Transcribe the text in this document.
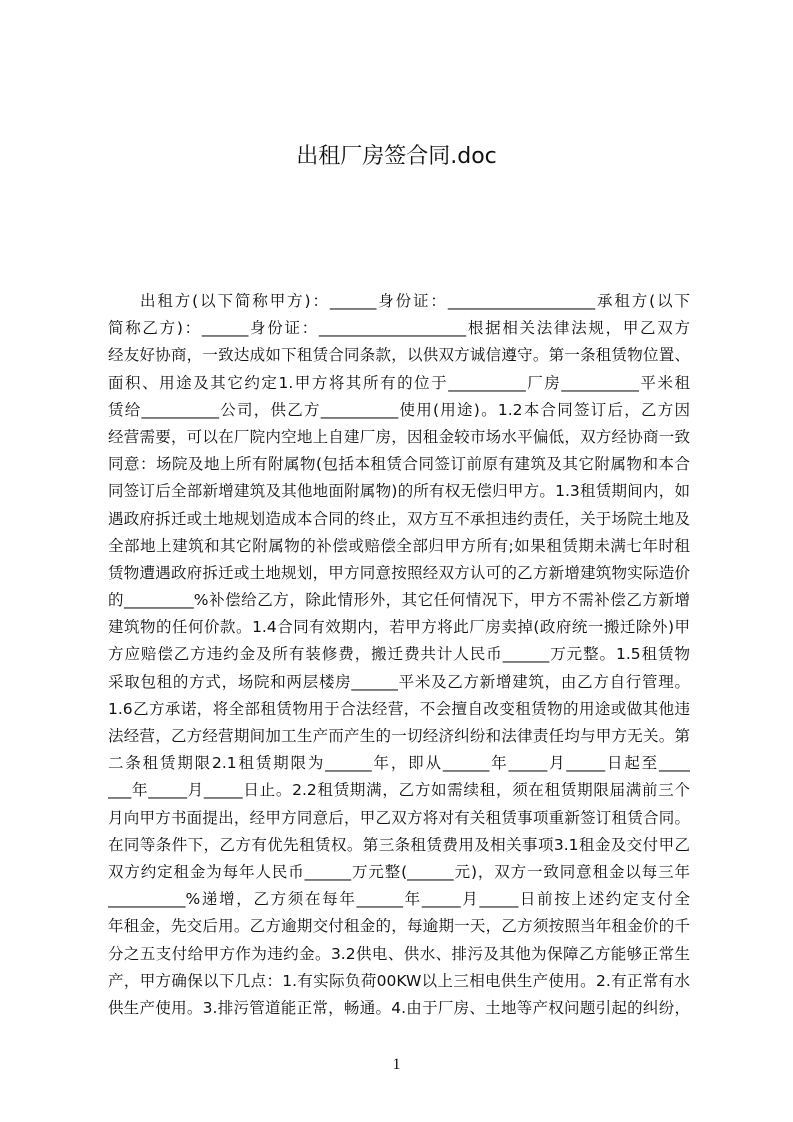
出租厂房签合同.doc
出租方(以下简称甲方)：______身份证：___________________承租方(以下
简称乙方)：______身份证：___________________根据相关法律法规，甲乙双方
经友好协商，一致达成如下租赁合同条款，以供双方诚信遵守。第一条租赁物位置、
面积、用途及其它约定1.甲方将其所有的位于__________厂房__________平米租
赁给__________公司，供乙方__________使用(用途)。1.2本合同签订后，乙方因
经营需要，可以在厂院内空地上自建厂房，因租金较市场水平偏低，双方经协商一致
同意：场院及地上所有附属物(包括本租赁合同签订前原有建筑及其它附属物和本合
同签订后全部新增建筑及其他地面附属物)的所有权无偿归甲方。1.3租赁期间内，如
遇政府拆迁或土地规划造成本合同的终止，双方互不承担违约责任，关于场院土地及
全部地上建筑和其它附属物的补偿或赔偿全部归甲方所有;如果租赁期未满七年时租
赁物遭遇政府拆迁或土地规划，甲方同意按照经双方认可的乙方新增建筑物实际造价
的_________%补偿给乙方，除此情形外，其它任何情况下，甲方不需补偿乙方新增
建筑物的任何价款。1.4合同有效期内，若甲方将此厂房卖掉(政府统一搬迁除外)甲
方应赔偿乙方违约金及所有装修费，搬迁费共计人民币______万元整。1.5租赁物
采取包租的方式，场院和两层楼房______平米及乙方新增建筑，由乙方自行管理。
1.6乙方承诺，将全部租赁物用于合法经营，不会擅自改变租赁物的用途或做其他违
法经营，乙方经营期间加工生产而产生的一切经济纠纷和法律责任均与甲方无关。第
二条租赁期限2.1租赁期限为______年，即从______年_____月_____日起至____
___年_____月_____日止。2.2租赁期满，乙方如需续租，须在租赁期限届满前三个
月向甲方书面提出，经甲方同意后，甲乙双方将对有关租赁事项重新签订租赁合同。
在同等条件下，乙方有优先租赁权。第三条租赁费用及相关事项3.1租金及交付甲乙
双方约定租金为每年人民币______万元整(______元)，双方一致同意租金以每三年
__________%递增，乙方须在每年______年_____月_____日前按上述约定支付全
年租金，先交后用。乙方逾期交付租金的，每逾期一天，乙方须按照当年租金价的千
分之五支付给甲方作为违约金。3.2供电、供水、排污及其他为保障乙方能够正常生
产，甲方确保以下几点：1.有实际负荷00KW以上三相电供生产使用。2.有正常有水
供生产使用。3.排污管道能正常，畅通。4.由于厂房、土地等产权问题引起的纠纷，
1
